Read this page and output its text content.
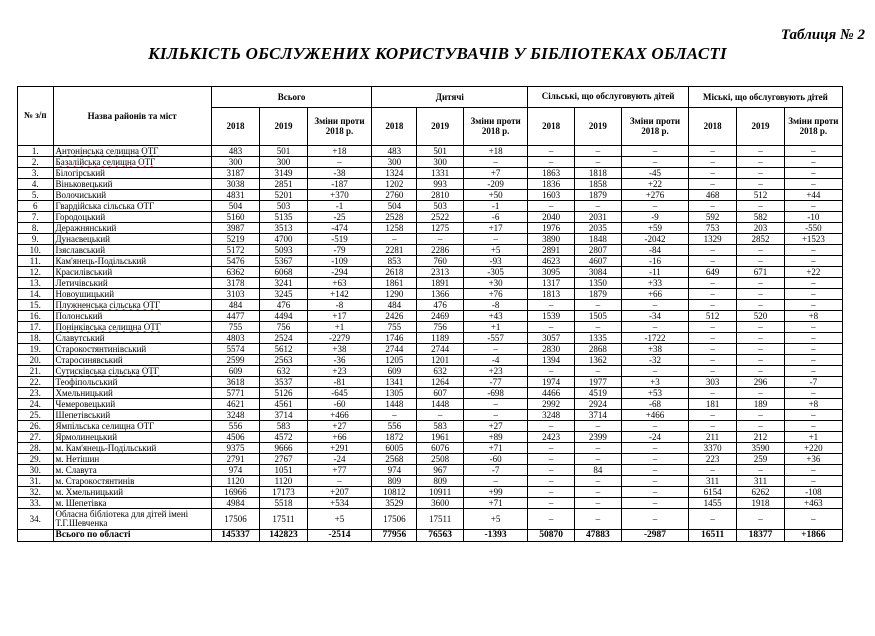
Таблиця № 2
КІЛЬКІСТЬ ОБСЛУЖЕНИХ КОРИСТУВАЧІВ У БІБЛІОТЕКАХ ОБЛАСТІ
№ з/п	Назва районів та міст	Всього			Дитячі			Сільські, що обслуговують дітей			Міські, що обслуговують дітей		
		2018	2019	Зміни проти 2018 р.	2018	2019	Зміни проти 2018 р.	2018	2019	Зміни проти 2018 р.	2018	2019	Зміни проти 2018 р.
1.	Антонінська селищна ОТГ	483	501	+18	483	501	+18	–	–	–	–	–	–
2.	Базалійська селищна ОТГ	300	300	–	300	300	–	–	–	–	–	–	–
3.	Білогірський	3187	3149	-38	1324	1331	+7	1863	1818	-45	–	–	–
4.	Віньковецький	3038	2851	-187	1202	993	-209	1836	1858	+22	–	–	–
5.	Волочиський	4831	5201	+370	2760	2810	+50	1603	1879	+276	468	512	+44
6	Гвардійська сільська ОТГ	504	503	-1	504	503	-1	–	–	–	–	–	–
7.	Городоцький	5160	5135	-25	2528	2522	-6	2040	2031	-9	592	582	-10
8.	Деражнянський	3987	3513	-474	1258	1275	+17	1976	2035	+59	753	203	-550
9.	Дунаєвецький	5219	4700	-519	–	–	–	3890	1848	-2042	1329	2852	+1523
10.	Ізяславський	5172	5093	-79	2281	2286	+5	2891	2807	-84	–	–	–
11.	Кам'янець-Подільський	5476	5367	-109	853	760	-93	4623	4607	-16	–	–	–
12.	Красилівський	6362	6068	-294	2618	2313	-305	3095	3084	-11	649	671	+22
13.	Летичівський	3178	3241	+63	1861	1891	+30	1317	1350	+33	–	–	–
14.	Новоушицький	3103	3245	+142	1290	1366	+76	1813	1879	+66	–	–	–
15.	Плужненська сільська ОТГ	484	476	-8	484	476	-8	–	–	–	–	–	–
16.	Полонський	4477	4494	+17	2426	2469	+43	1539	1505	-34	512	520	+8
17.	Понінківська селищна ОТГ	755	756	+1	755	756	+1	–	–	–	–	–	–
18.	Славутський	4803	2524	-2279	1746	1189	-557	3057	1335	-1722	–	–	–
19.	Старокостянтинівський	5574	5612	+38	2744	2744	–	2830	2868	+38	–	–	–
20.	Старосинявський	2599	2563	-36	1205	1201	-4	1394	1362	-32	–	–	–
21.	Сутисківська сільська ОТГ	609	632	+23	609	632	+23	–	–	–	–	–	–
22.	Теофіпольський	3618	3537	-81	1341	1264	-77	1974	1977	+3	303	296	-7
23.	Хмельницький	5771	5126	-645	1305	607	-698	4466	4519	+53	–	–	–
24.	Чемеровецький	4621	4561	-60	1448	1448	–	2992	2924	-68	181	189	+8
25.	Шепетівський	3248	3714	+466	–	–	–	3248	3714	+466	–	–	–
26.	Ямпільська селищна ОТГ	556	583	+27	556	583	+27	–	–	–	–	–	–
27.	Ярмолинецький	4506	4572	+66	1872	1961	+89	2423	2399	-24	211	212	+1
28.	м. Кам'янець-Подільський	9375	9666	+291	6005	6076	+71	–	–	–	3370	3590	+220
29.	м. Нетішин	2791	2767	-24	2568	2508	-60	–	–	–	223	259	+36
30.	м. Славута	974	1051	+77	974	967	-7	–	84	–	–	–	–
31.	м. Старокостянтинів	1120	1120	–	809	809	–	–	–	–	311	311	–
32.	м. Хмельницький	16966	17173	+207	10812	10911	+99	–	–	–	6154	6262	-108
33.	м. Шепетівка	4984	5518	+534	3529	3600	+71	–	–	–	1455	1918	+463
34.	Обласна бібліотека для дітей імені Т.Г.Шевченка	17506	17511	+5	17506	17511	+5	–	–	–	–	–	–
	Всього по області	145337	142823	-2514	77956	76563	-1393	50870	47883	-2987	16511	18377	+1866
